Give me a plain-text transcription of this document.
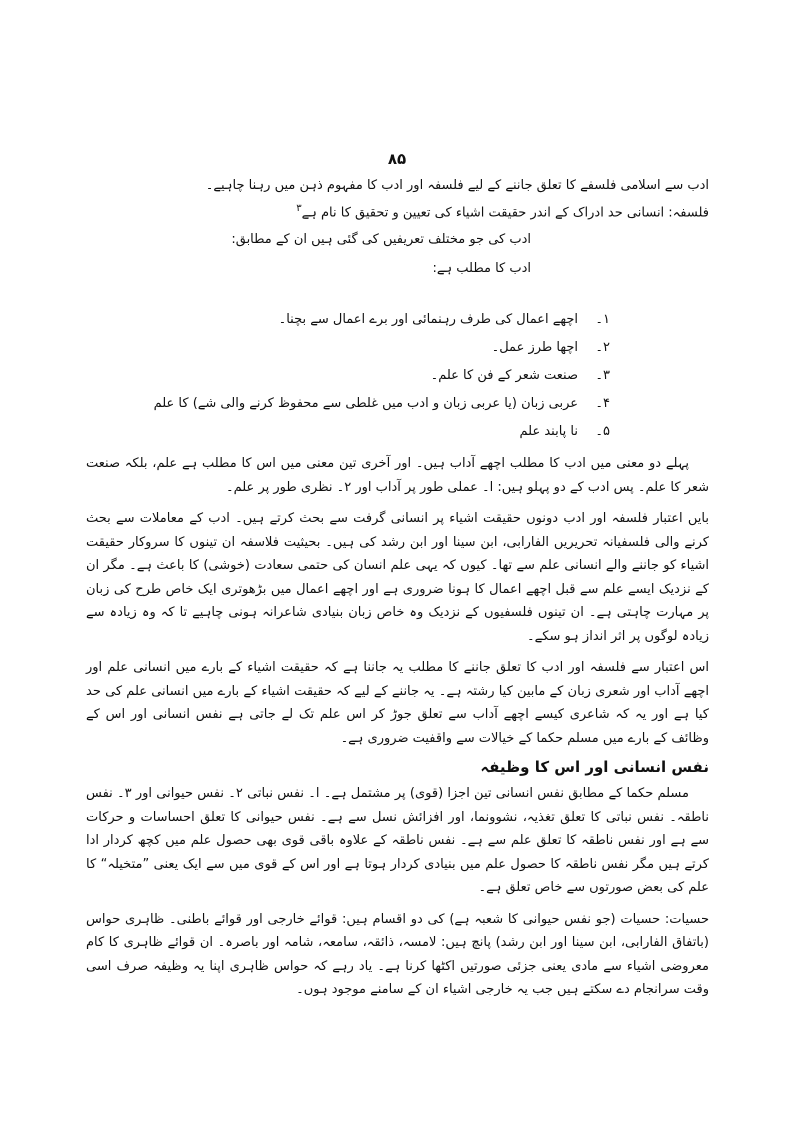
۸۵
ادب سے اسلامی فلسفے کا تعلق جاننے کے لیے فلسفہ اور ادب کا مفہوم ذہن میں رہنا چاہیے۔
فلسفہ: انسانی حد ادراک کے اندر حقیقت اشیاء کی تعیین و تحقیق کا نام ہے$^۳$
ادب کی جو مختلف تعریفیں کی گئی ہیں ان کے مطابق:
ادب کا مطلب ہے:
۱۔اچھے اعمال کی طرف رہنمائی اور برے اعمال سے بچنا۔
۲۔اچھا طرز عمل۔
۳۔صنعت شعر کے فن کا علم۔
۴۔عربی زبان (یا عربی زبان و ادب میں غلطی سے محفوظ کرنے والی شے) کا علم
۵۔نا پابند علم
پہلے دو معنی میں ادب کا مطلب اچھے آداب ہیں۔ اور آخری تین معنی میں اس کا مطلب ہے علم، بلکہ صنعت شعر کا علم۔ پس ادب کے دو پہلو ہیں: ا۔ عملی طور پر آداب اور ۲۔ نظری طور پر علم۔
بایں اعتبار فلسفہ اور ادب دونوں حقیقت اشیاء پر انسانی گرفت سے بحث کرتے ہیں۔ ادب کے معاملات سے بحث کرنے والی فلسفیانہ تحریریں الفارابی، ابن سینا اور ابن رشد کی ہیں۔ بحیثیت فلاسفہ ان تینوں کا سروکار حقیقت اشیاء کو جاننے والے انسانی علم سے تھا۔ کیوں کہ یہی علم انسان کی حتمی سعادت (خوشی) کا باعث ہے۔ مگر ان کے نزدیک ایسے علم سے قبل اچھے اعمال کا ہونا ضروری ہے اور اچھے اعمال میں بڑھوتری ایک خاص طرح کی زبان پر مہارت چاہتی ہے۔ ان تینوں فلسفیوں کے نزدیک وہ خاص زبان بنیادی شاعرانہ ہونی چاہیے تا کہ وہ زیادہ سے زیادہ لوگوں پر اثر انداز ہو سکے۔
اس اعتبار سے فلسفہ اور ادب کا تعلق جاننے کا مطلب یہ جاننا ہے کہ حقیقت اشیاء کے بارے میں انسانی علم اور اچھے آداب اور شعری زبان کے مابین کیا رشتہ ہے۔ یہ جاننے کے لیے کہ حقیقت اشیاء کے بارے میں انسانی علم کی حد کیا ہے اور یہ کہ شاعری کیسے اچھے آداب سے تعلق جوڑ کر اس علم تک لے جاتی ہے نفس انسانی اور اس کے وظائف کے بارے میں مسلم حکما کے خیالات سے واقفیت ضروری ہے۔
نفس انسانی اور اس کا وظیفہ
مسلم حکما کے مطابق نفس انسانی تین اجزا (قوی) پر مشتمل ہے۔ ا۔ نفس نباتی ۲۔ نفس حیوانی اور ۳۔ نفس ناطقہ۔ نفس نباتی کا تعلق تغذیہ، نشوونما، اور افزائش نسل سے ہے۔ نفس حیوانی کا تعلق احساسات و حرکات سے ہے اور نفس ناطقہ کا تعلق علم سے ہے۔ نفس ناطقہ کے علاوہ باقی قوی بھی حصول علم میں کچھ کردار ادا کرتے ہیں مگر نفس ناطقہ کا حصول علم میں بنیادی کردار ہوتا ہے اور اس کے قوی میں سے ایک یعنی ”متخیلہ“ کا علم کی بعض صورتوں سے خاص تعلق ہے۔
حسیات: حسیات (جو نفس حیوانی کا شعبہ ہے) کی دو اقسام ہیں: قوائے خارجی اور قوائے باطنی۔ ظاہری حواس (باتفاق الفارابی، ابن سینا اور ابن رشد) پانچ ہیں: لامسہ، ذائقہ، سامعہ، شامہ اور باصرہ۔ ان قوائے ظاہری کا کام معروضی اشیاء سے مادی یعنی جزئی صورتیں اکٹھا کرنا ہے۔ یاد رہے کہ حواس ظاہری اپنا یہ وظیفہ صرف اسی وقت سرانجام دے سکتے ہیں جب یہ خارجی اشیاء ان کے سامنے موجود ہوں۔
